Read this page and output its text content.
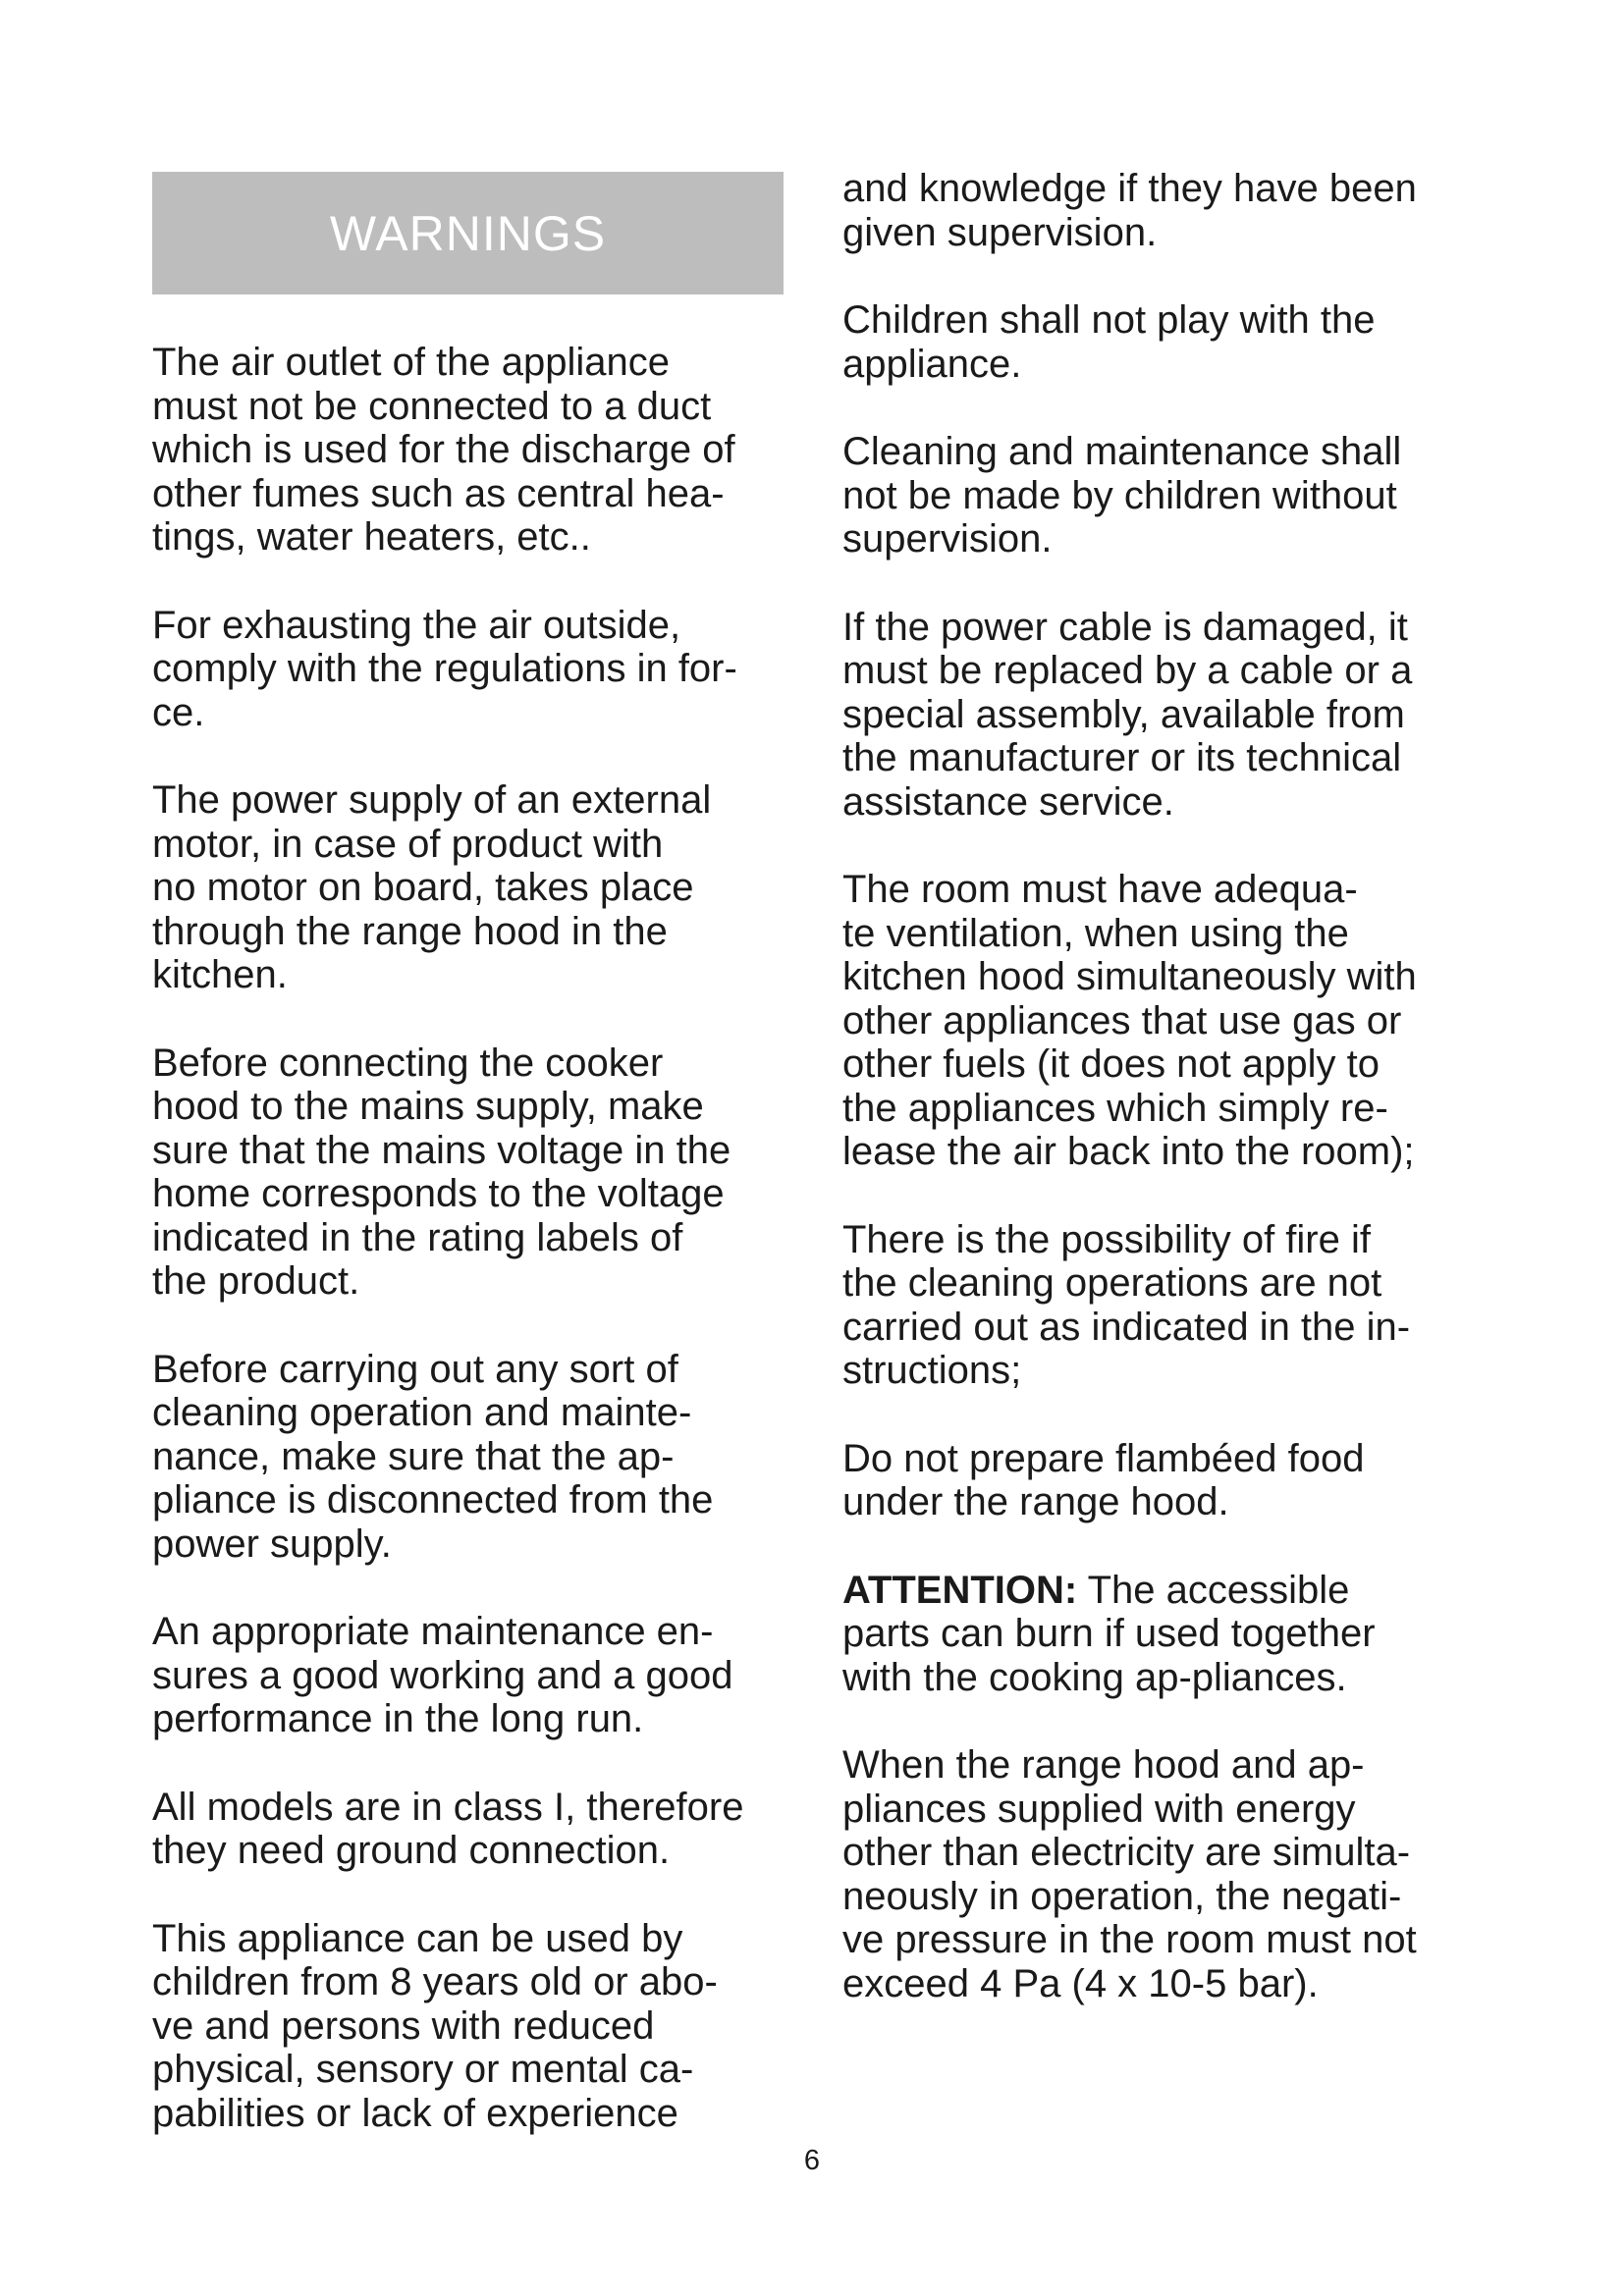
WARNINGS

The air outlet of the appliance
must not be connected to a duct
which is used for the discharge of
other fumes such as central hea-
tings, water heaters, etc..

For exhausting the air outside,
comply with the regulations in for-
ce.

The power supply of an external
motor, in case of product with
no motor on board, takes place
through the range hood in the
kitchen.

Before connecting the cooker
hood to the mains supply, make
sure that the mains voltage in the
home corresponds to the voltage
indicated in the rating labels of
the product.

Before carrying out any sort of
cleaning operation and mainte-
nance, make sure that the ap-
pliance is disconnected from the
power supply.

An appropriate maintenance en-
sures a good working and a good
performance in the long run.

All models are in class I, therefore
they need ground connection.

This appliance can be used by
children from 8 years old or abo-
ve and persons with reduced
physical, sensory or mental ca-
pabilities or lack of experience

and knowledge if they have been
given supervision.

Children shall not play with the
appliance.

Cleaning and maintenance shall
not be made by children without
supervision.

If the power cable is damaged, it
must be replaced by a cable or a
special assembly, available from
the manufacturer or its technical
assistance service.

The room must have adequa-
te ventilation, when using the
kitchen hood simultaneously with
other appliances that use gas or
other fuels (it does not apply to
the appliances which simply re-
lease the air back into the room);

There is the possibility of fire if
the cleaning operations are not
carried out as indicated in the in-
structions;

Do not prepare flambéed food
under the range hood.

ATTENTION: The accessible
parts can burn if used together
with the cooking ap-pliances.

When the range hood and ap-
pliances supplied with energy
other than electricity are simulta-
neously in operation, the negati-
ve pressure in the room must not
exceed 4 Pa (4 x 10-5 bar).

6
